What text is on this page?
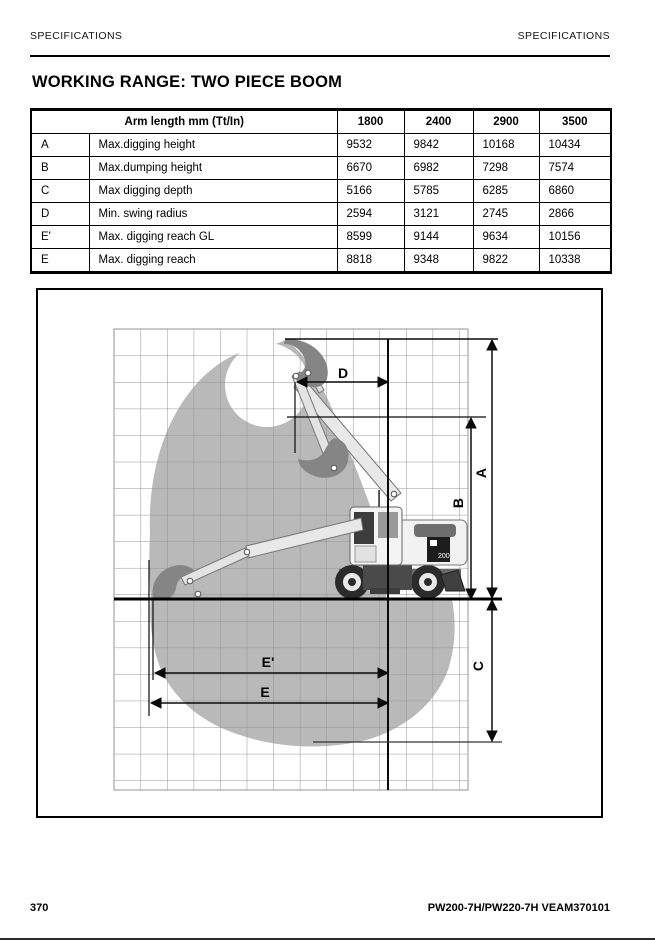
SPECIFICATIONS	SPECIFICATIONS
WORKING RANGE: TWO PIECE BOOM
Arm length mm (Tt/In)		1800	2400	2900	3500
A	Max.digging height	9532	9842	10168	10434
B	Max.dumping height	6670	6982	7298	7574
C	Max digging depth	5166	5785	6285	6860
D	Min. swing radius	2594	3121	2745	2866
E'	Max. digging reach GL	8599	9144	9634	10156
E	Max. digging reach	8818	9348	9822	10338
200
D
A
B
C
E'
E
370	PW200-7H/PW220-7H VEAM370101
